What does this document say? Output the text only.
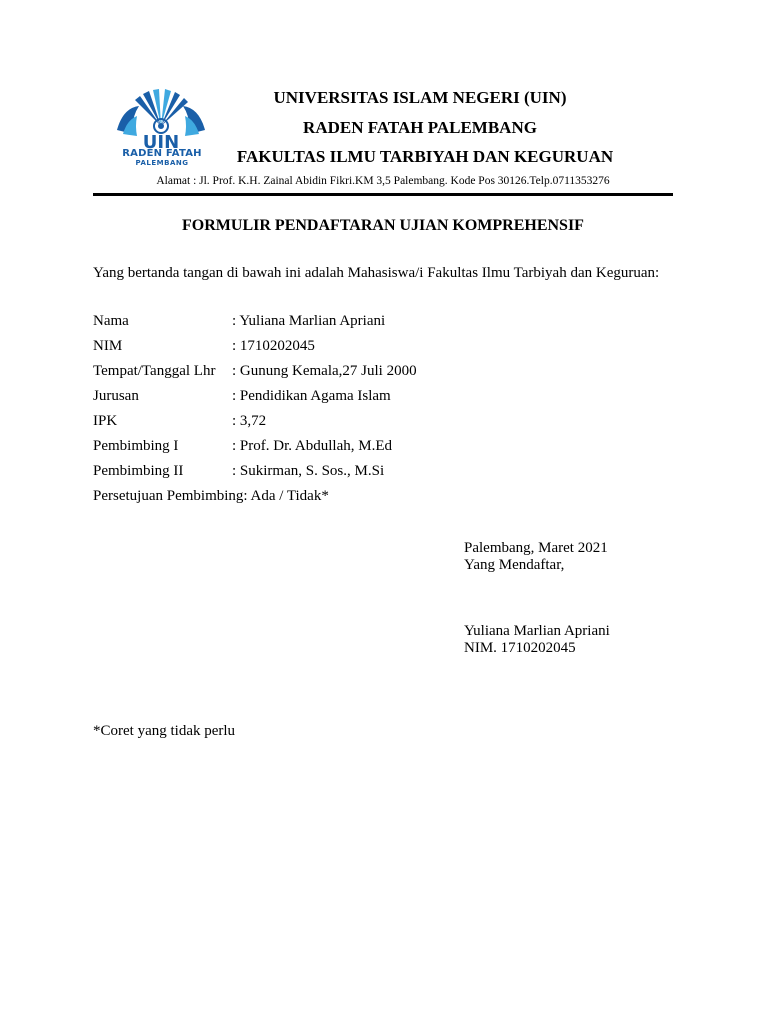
UIN
RADEN FATAH
PALEMBANG
UNIVERSITAS ISLAM NEGERI (UIN)
RADEN FATAH PALEMBANG
FAKULTAS ILMU TARBIYAH DAN KEGURUAN
Alamat : Jl. Prof. K.H. Zainal Abidin Fikri.KM 3,5 Palembang. Kode Pos 30126.Telp.0711353276
FORMULIR PENDAFTARAN UJIAN KOMPREHENSIF
Yang bertanda tangan di bawah ini adalah Mahasiswa/i Fakultas Ilmu Tarbiyah dan Keguruan:
Nama	: Yuliana Marlian Apriani
NIM	: 1710202045
Tempat/Tanggal Lhr	: Gunung Kemala,27 Juli 2000
Jurusan	: Pendidikan Agama Islam
IPK	: 3,72
Pembimbing I	: Prof. Dr. Abdullah, M.Ed
Pembimbing II	: Sukirman, S. Sos., M.Si
Persetujuan Pembimbing: Ada / Tidak*
Palembang, Maret 2021
Yang Mendaftar,
Yuliana Marlian Apriani
NIM. 1710202045
*Coret yang tidak perlu
